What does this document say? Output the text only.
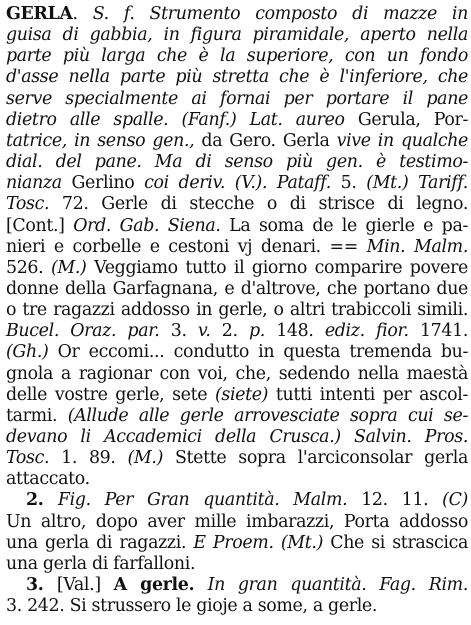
GERLA. S. f. Strumento composto di mazze in
guisa di gabbia, in figura piramidale, aperto nella
parte più larga che è la superiore, con un fondo
d'asse nella parte più stretta che è l'inferiore, che
serve specialmente ai fornai per portare il pane
dietro alle spalle. (Fanf.) Lat. aureo Gerula, Por-
tatrice, in senso gen., da Gero. Gerla vive in qualche
dial. del pane. Ma di senso più gen. è testimo-
nianza Gerlino coi deriv. (V.). Pataff. 5. (Mt.) Tariff.
Tosc. 72. Gerle di stecche o di strisce di legno.
[Cont.] Ord. Gab. Siena. La soma de le gierle e pa-
nieri e corbelle e cestoni vj denari. == Min. Malm.
526. (M.) Veggiamo tutto il giorno comparire povere
donne della Garfagnana, e d'altrove, che portano due
o tre ragazzi addosso in gerle, o altri trabiccoli simili.
Bucel. Oraz. par. 3. v. 2. p. 148. ediz. fior. 1741.
(Gh.) Or eccomi... condutto in questa tremenda bu-
gnola a ragionar con voi, che, sedendo nella maestà
delle vostre gerle, sete (siete) tutti intenti per ascol-
tarmi. (Allude alle gerle arrovesciate sopra cui se-
devano li Accademici della Crusca.) Salvin. Pros.
Tosc. 1. 89. (M.) Stette sopra l'arciconsolar gerla
attaccato.
2. Fig. Per Gran quantità. Malm. 12. 11. (C)
Un altro, dopo aver mille imbarazzi, Porta addosso
una gerla di ragazzi. E Proem. (Mt.) Che si strascica
una gerla di farfalloni.
3. [Val.] A gerle. In gran quantità. Fag. Rim.
3. 242. Si strussero le gioje a some, a gerle.
